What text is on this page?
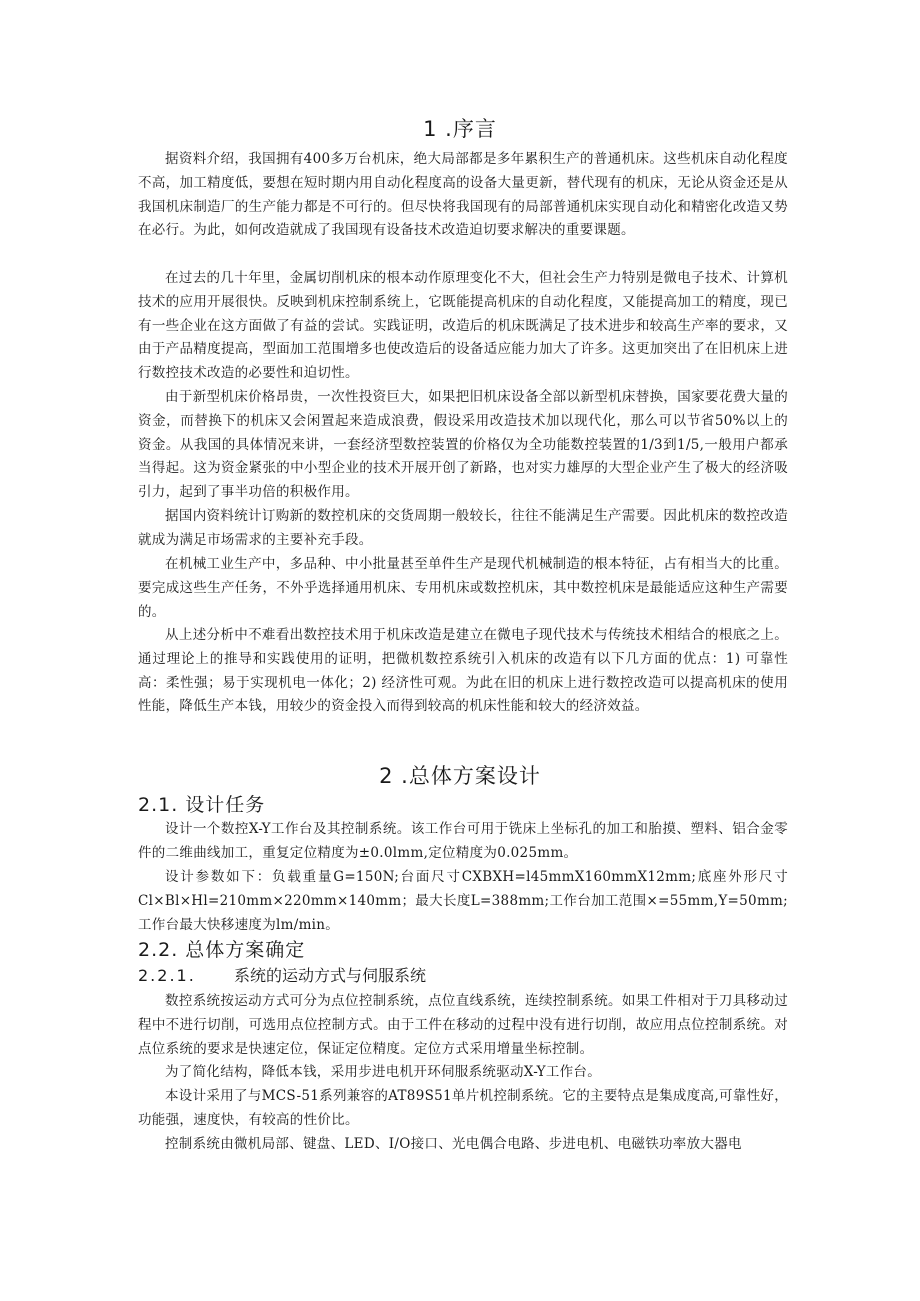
1 .序言

据资料介绍，我国拥有400多万台机床，绝大局部都是多年累积生产的普通机床。这些机床自动化程度不高，加工精度低，要想在短时期内用自动化程度高的设备大量更新，替代现有的机床，无论从资金还是从我国机床制造厂的生产能力都是不可行的。但尽快将我国现有的局部普通机床实现自动化和精密化改造又势在必行。为此，如何改造就成了我国现有设备技术改造迫切要求解决的重要课题。

在过去的几十年里，金属切削机床的根本动作原理变化不大，但社会生产力特别是微电子技术、计算机技术的应用开展很快。反映到机床控制系统上，它既能提高机床的自动化程度，又能提高加工的精度，现已有一些企业在这方面做了有益的尝试。实践证明，改造后的机床既满足了技术进步和较高生产率的要求，又由于产品精度提高，型面加工范围增多也使改造后的设备适应能力加大了许多。这更加突出了在旧机床上进行数控技术改造的必要性和迫切性。

由于新型机床价格昂贵，一次性投资巨大，如果把旧机床设备全部以新型机床替换，国家要花费大量的资金，而替换下的机床又会闲置起来造成浪费，假设采用改造技术加以现代化，那么可以节省50%以上的资金。从我国的具体情况来讲，一套经济型数控装置的价格仅为全功能数控装置的1/3到1/5,一般用户都承当得起。这为资金紧张的中小型企业的技术开展开创了新路，也对实力雄厚的大型企业产生了极大的经济吸引力，起到了事半功倍的积极作用。

据国内资料统计订购新的数控机床的交货周期一般较长，往往不能满足生产需要。因此机床的数控改造就成为满足市场需求的主要补充手段。

在机械工业生产中，多品种、中小批量甚至单件生产是现代机械制造的根本特征，占有相当大的比重。要完成这些生产任务，不外乎选择通用机床、专用机床或数控机床，其中数控机床是最能适应这种生产需要的。

从上述分析中不难看出数控技术用于机床改造是建立在微电子现代技术与传统技术相结合的根底之上。通过理论上的推导和实践使用的证明，把微机数控系统引入机床的改造有以下几方面的优点：1) 可靠性高：柔性强；易于实现机电一体化；2) 经济性可观。为此在旧的机床上进行数控改造可以提高机床的使用性能，降低生产本钱，用较少的资金投入而得到较高的机床性能和较大的经济效益。

2 .总体方案设计
2.1. 设计任务

设计一个数控X-Y工作台及其控制系统。该工作台可用于铣床上坐标孔的加工和胎摸、塑料、铝合金零件的二维曲线加工，重复定位精度为±0.0lmm,定位精度为0.025mm。

设计参数如下：负载重量G=150N;台面尺寸CXBXH=l45mmX160mmX12mm;底座外形尺寸Cl×Bl×Hl=210mm×220mm×140mm；最大长度L=388mm;工作台加工范围×=55mm,Y=50mm;工作台最大快移速度为lm/min。

2.2. 总体方案确定
2.2.1. 系统的运动方式与伺服系统

数控系统按运动方式可分为点位控制系统，点位直线系统，连续控制系统。如果工件相对于刀具移动过程中不进行切削，可选用点位控制方式。由于工件在移动的过程中没有进行切削，故应用点位控制系统。对点位系统的要求是快速定位，保证定位精度。定位方式采用增量坐标控制。

为了简化结构，降低本钱，采用步进电机开环伺服系统驱动X-Y工作台。

本设计采用了与MCS-51系列兼容的AT89S51单片机控制系统。它的主要特点是集成度高,可靠性好，功能强，速度快，有较高的性价比。

控制系统由微机局部、键盘、LED、I/O接口、光电偶合电路、步进电机、电磁铁功率放大器电
